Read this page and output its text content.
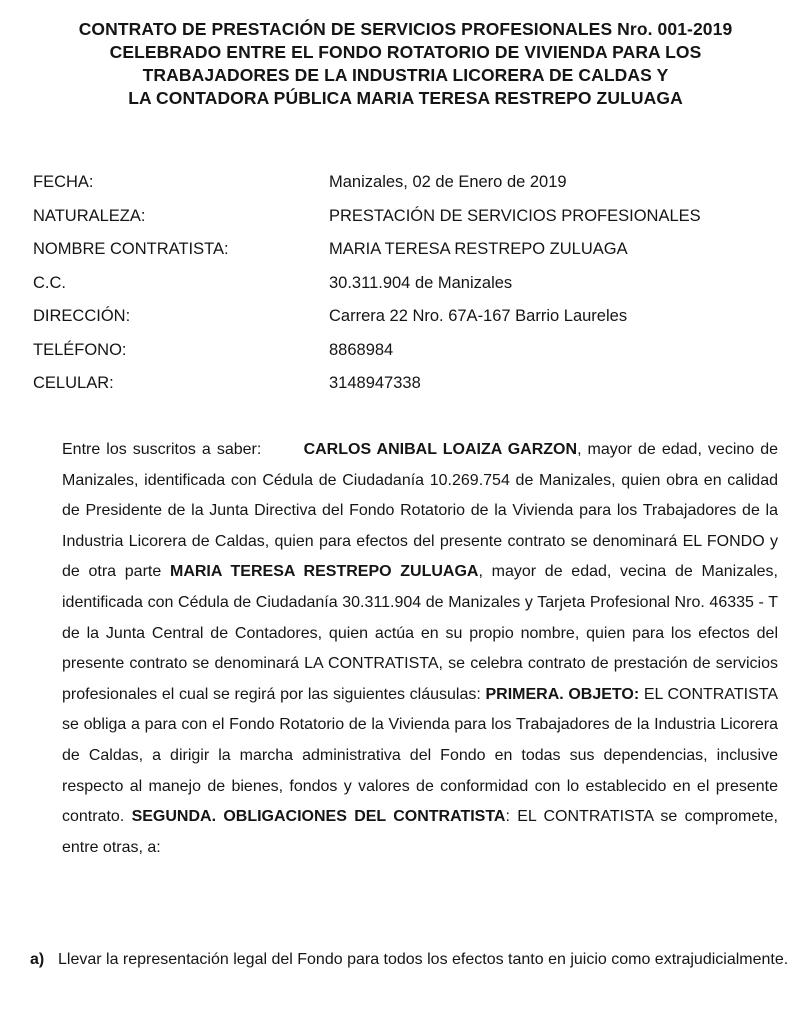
CONTRATO DE PRESTACIÓN DE SERVICIOS PROFESIONALES Nro. 001-2019
CELEBRADO ENTRE EL FONDO ROTATORIO DE VIVIENDA PARA LOS
TRABAJADORES DE LA INDUSTRIA LICORERA DE CALDAS Y
LA CONTADORA PÚBLICA MARIA TERESA RESTREPO ZULUAGA
FECHA:	Manizales, 02 de Enero de 2019
NATURALEZA:	PRESTACIÓN DE SERVICIOS PROFESIONALES
NOMBRE CONTRATISTA:	MARIA TERESA RESTREPO ZULUAGA
C.C.	30.311.904 de Manizales
DIRECCIÓN:	Carrera 22 Nro. 67A-167 Barrio Laureles
TELÉFONO:	8868984
CELULAR:	3148947338
Entre los suscritos a saber:	CARLOS ANIBAL LOAIZA GARZON, mayor de edad, vecino de Manizales, identificada con Cédula de Ciudadanía 10.269.754 de Manizales, quien obra en calidad de Presidente de la Junta Directiva del Fondo Rotatorio de la Vivienda para los Trabajadores de la Industria Licorera de Caldas, quien para efectos del presente contrato se denominará EL FONDO y de otra parte MARIA TERESA RESTREPO ZULUAGA, mayor de edad, vecina de Manizales, identificada con Cédula de Ciudadanía 30.311.904 de Manizales y Tarjeta Profesional Nro. 46335 - T de la Junta Central de Contadores, quien actúa en su propio nombre, quien para los efectos del presente contrato se denominará LA CONTRATISTA, se celebra contrato de prestación de servicios profesionales el cual se regirá por las siguientes cláusulas: PRIMERA. OBJETO: EL CONTRATISTA se obliga a para con el Fondo Rotatorio de la Vivienda para los Trabajadores de la Industria Licorera de Caldas, a dirigir la marcha administrativa del Fondo en todas sus dependencias, inclusive respecto al manejo de bienes, fondos y valores de conformidad con lo establecido en el presente contrato. SEGUNDA. OBLIGACIONES DEL CONTRATISTA: EL CONTRATISTA se compromete, entre otras, a:
a) Llevar la representación legal del Fondo para todos los efectos tanto en juicio como extrajudicialmente.
